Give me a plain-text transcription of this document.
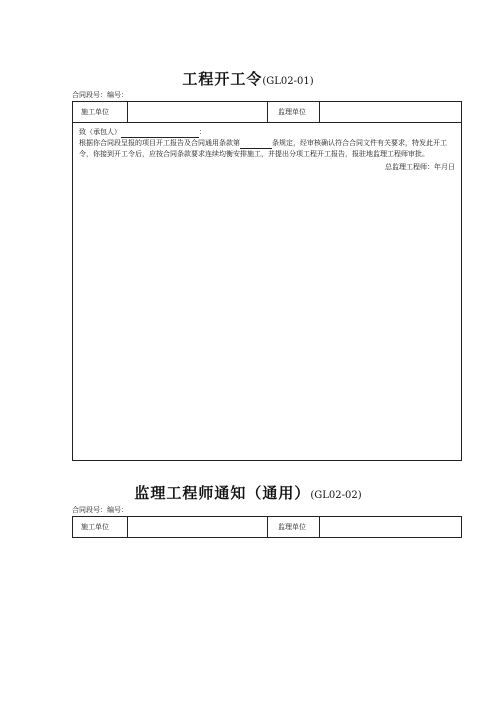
工程开工令(GL02-01)
合同段号：编号：
施工单位	监理单位
致（承包人）	：
根据你合同段呈报的项目开工报告及合同通用条款第	条规定，经审核确认符合合同文件有关要求，特发此开工令，你接到开工令后，应按合同条款要求连续均衡安排施工，并提出分项工程开工报告，报驻地监理工程师审批。
总监理工程师：年月日
监理工程师通知（通用）(GL02-02)
合同段号：编号：
施工单位	监理单位
